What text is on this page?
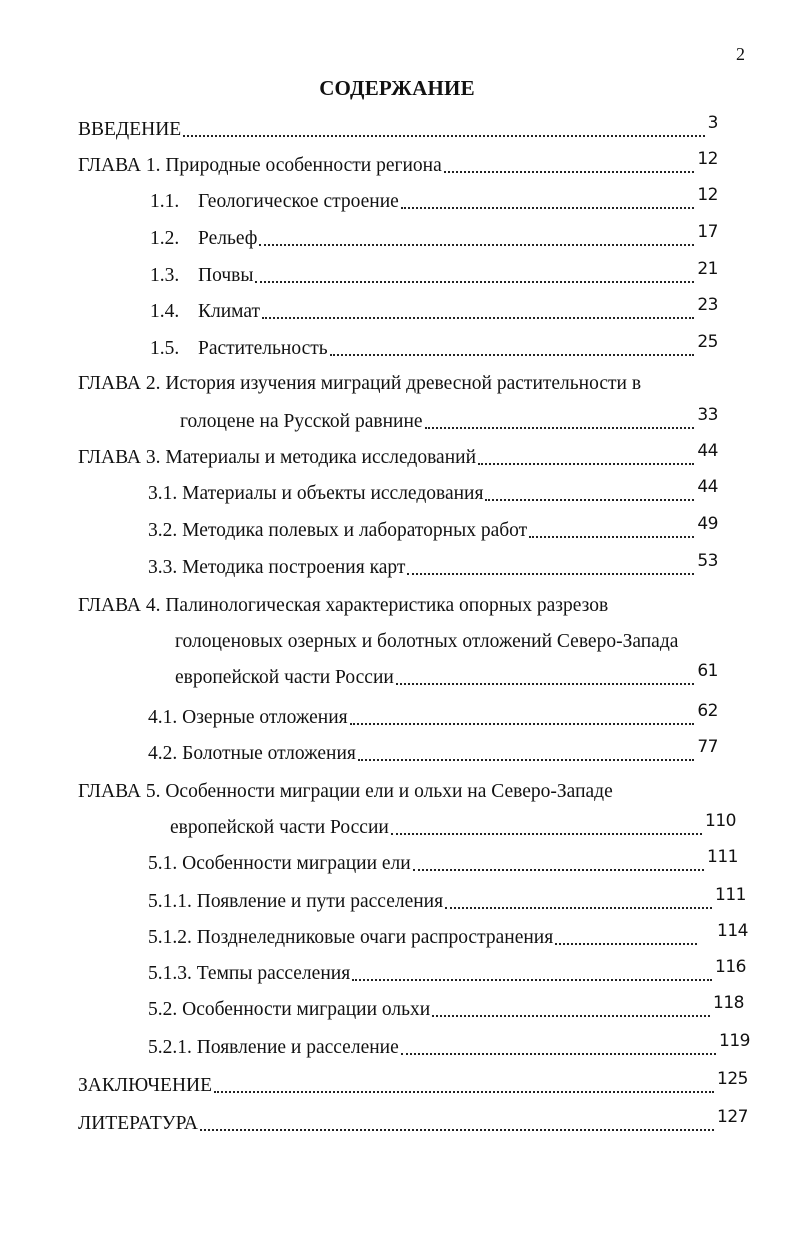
2
СОДЕРЖАНИЕ
ВВЕДЕНИЕ	3
ГЛАВА 1. Природные особенности региона	12
1.1. Геологическое строение	12
1.2. Рельеф	17
1.3. Почвы	21
1.4. Климат	23
1.5. Растительность	25
ГЛАВА 2. История изучения миграций древесной растительности в
голоцене на Русской равнине	33
ГЛАВА 3. Материалы и методика исследований	44
3.1. Материалы и объекты исследования	44
3.2. Методика полевых и лабораторных работ	49
3.3. Методика построения карт	53
ГЛАВА 4. Палинологическая характеристика опорных разрезов
голоценовых озерных и болотных отложений Северо-Запада
европейской части России	61
4.1. Озерные отложения	62
4.2. Болотные отложения	77
ГЛАВА 5. Особенности миграции ели и ольхи на Северо-Западе
европейской части России	110
5.1. Особенности миграции ели	111
5.1.1. Появление и пути расселения	111
5.1.2. Позднеледниковые очаги распространения	114
5.1.3. Темпы расселения	116
5.2. Особенности миграции ольхи	118
5.2.1. Появление и расселение	119
ЗАКЛЮЧЕНИЕ	125
ЛИТЕРАТУРА	127
